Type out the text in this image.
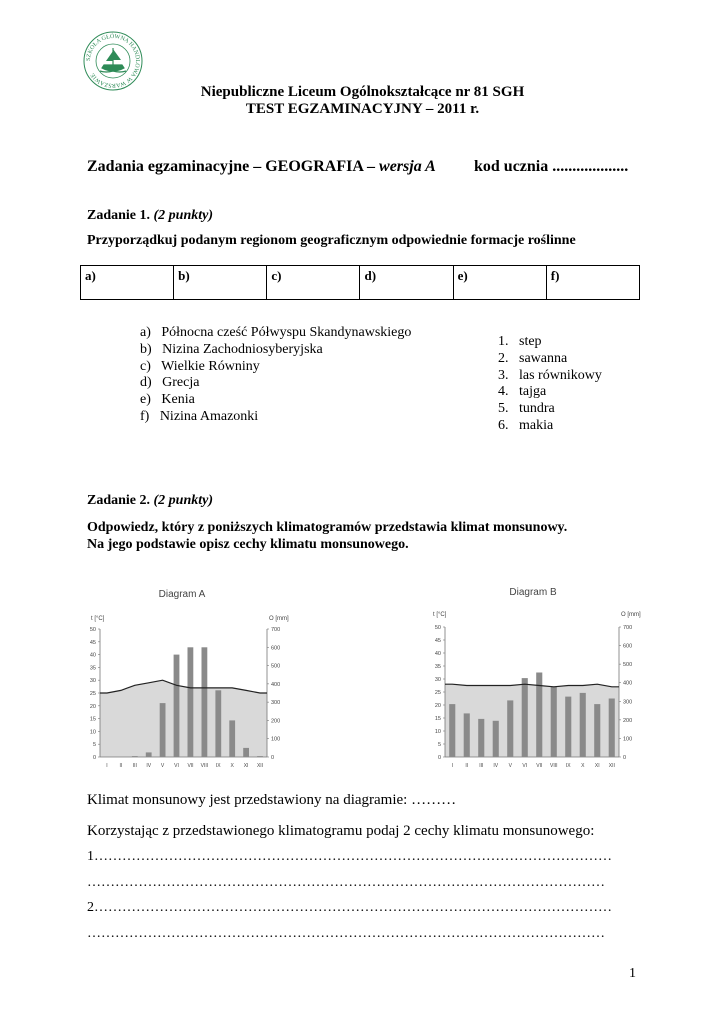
SZKOŁA GŁÓWNA HANDLOWA W WARSZAWIE
Niepubliczne Liceum Ogólnokształcące nr 81 SGH
TEST EGZAMINACYJNY – 2011 r.
Zadania egzaminacyjne – GEOGRAFIA – wersja A kod ucznia ...................
Zadanie 1. (2 punkty)
Przyporządkuj podanym regionom geograficznym odpowiednie formacje roślinne
a)	b)	c)	d)	e)	f)
a)   Północna cześć Półwyspu Skandynawskiego
b)   Nizina Zachodniosyberyjska
c)   Wielkie Równiny
d)   Grecja
e)   Kenia
f)   Nizina Amazonki
1.   step
2.   sawanna
3.   las równikowy
4.   tajga
5.   tundra
6.   makia
Zadanie 2. (2 punkty)
Odpowiedz, który z poniższych klimatogramów przedstawia klimat monsunowy.
Na jego podstawie opisz cechy klimatu monsunowego.
Diagram A
t [°C]	O [mm]
50
45
40
35
30
25
20
15
10
5
0
700
600
500
400
300
200
100
0
I II III IV V VI VII VIII IX X XI XII
Diagram B
t [°C]	O [mm]
50
45
40
35
30
25
20
15
10
5
0
700
600
500
400
300
200
100
0
I II III IV V VI VII VIII IX X XI XII
Klimat monsunowy jest przedstawiony na diagramie: ………
Korzystając z przedstawionego klimatogramu podaj 2 cechy klimatu monsunowego:
1…………………………………………………………………………………………………
…………………………………………………………………………………………………
2…………………………………………………………………………………………………
…………………………………………………………………………………………………
1
